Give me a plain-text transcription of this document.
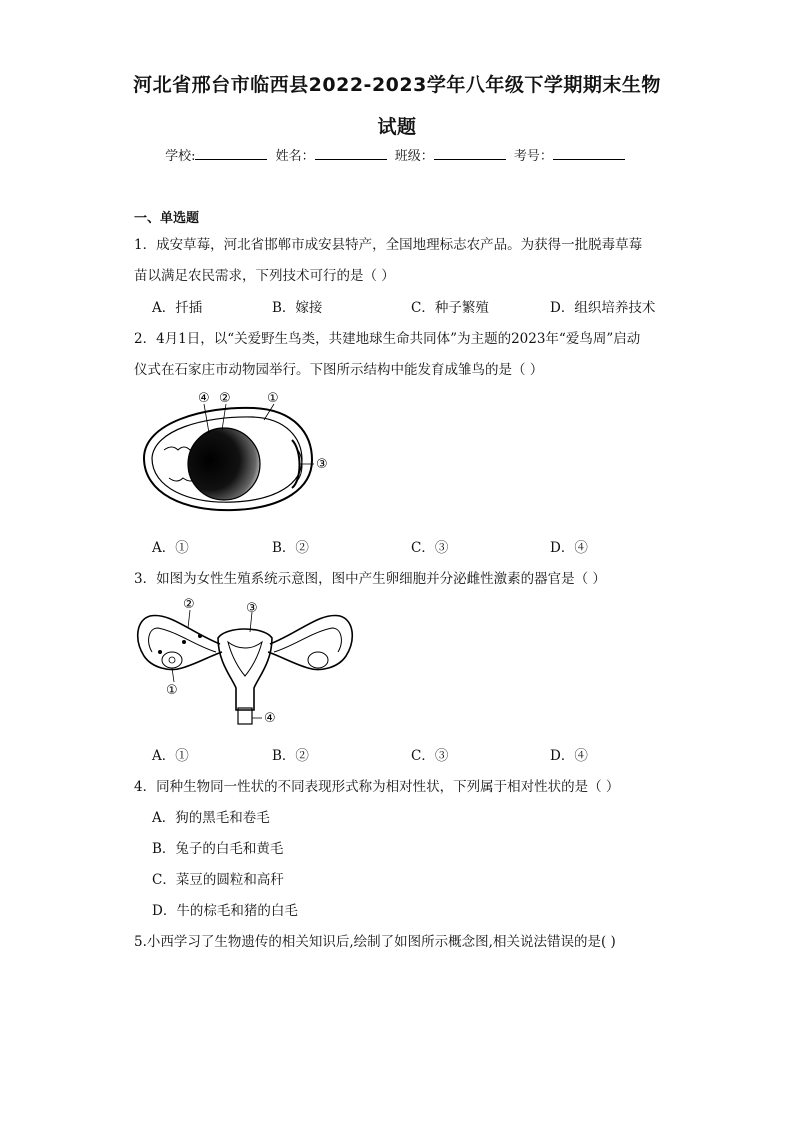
河北省邢台市临西县2022-2023学年八年级下学期期末生物
试题
学校:	姓名：	班级：	考号：
一、单选题
1．成安草莓，河北省邯郸市成安县特产，全国地理标志农产品。为获得一批脱毒草莓
苗以满足农民需求，下列技术可行的是（ ）
A．扦插	B．嫁接	C．种子繁殖	D．组织培养技术
2．4月1日，以“关爱野生鸟类，共建地球生命共同体”为主题的2023年“爱鸟周”启动
仪式在石家庄市动物园举行。下图所示结构中能发育成雏鸟的是（ ）
④ ②	①
③
A．①	B．②	C．③	D．④
3．如图为女性生殖系统示意图，图中产生卵细胞并分泌雌性激素的器官是（ ）
②	③
①
④
A．①	B．②	C．③	D．④
4．同种生物同一性状的不同表现形式称为相对性状，下列属于相对性状的是（ ）
A．狗的黑毛和卷毛
B．兔子的白毛和黄毛
C．菜豆的圆粒和高秆
D．牛的棕毛和猪的白毛
5.小西学习了生物遗传的相关知识后,绘制了如图所示概念图,相关说法错误的是( )
